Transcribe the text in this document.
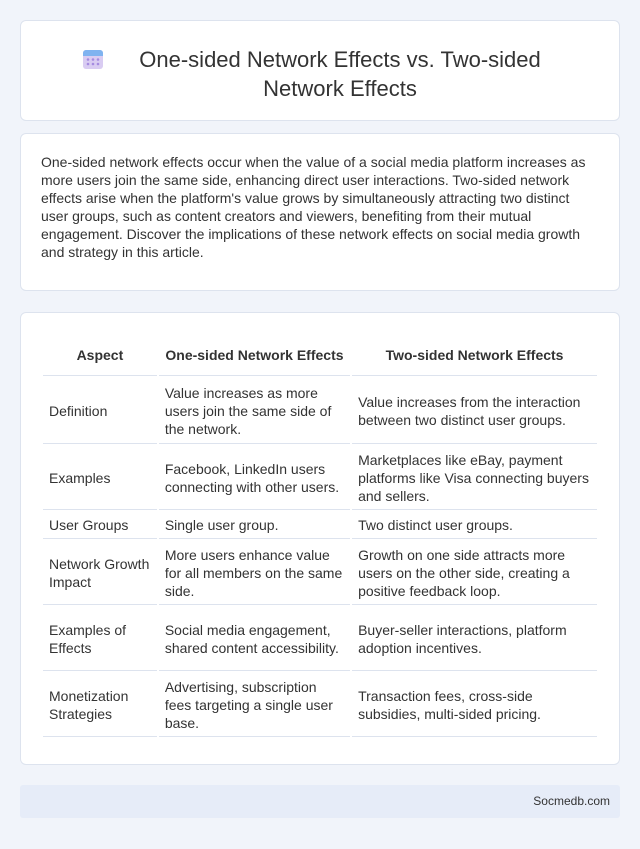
One-sided Network Effects vs. Two-sided Network Effects

One-sided network effects occur when the value of a social media platform increases as more users join the same side, enhancing direct user interactions. Two-sided network effects arise when the platform's value grows by simultaneously attracting two distinct user groups, such as content creators and viewers, benefiting from their mutual engagement. Discover the implications of these network effects on social media growth and strategy in this article.

Aspect	One-sided Network Effects	Two-sided Network Effects
Definition	Value increases as more users join the same side of the network.	Value increases from the interaction between two distinct user groups.
Examples	Facebook, LinkedIn users connecting with other users.	Marketplaces like eBay, payment platforms like Visa connecting buyers and sellers.
User Groups	Single user group.	Two distinct user groups.
Network Growth Impact	More users enhance value for all members on the same side.	Growth on one side attracts more users on the other side, creating a positive feedback loop.
Examples of Effects	Social media engagement, shared content accessibility.	Buyer-seller interactions, platform adoption incentives.
Monetization Strategies	Advertising, subscription fees targeting a single user base.	Transaction fees, cross-side subsidies, multi-sided pricing.
Socmedb.com
